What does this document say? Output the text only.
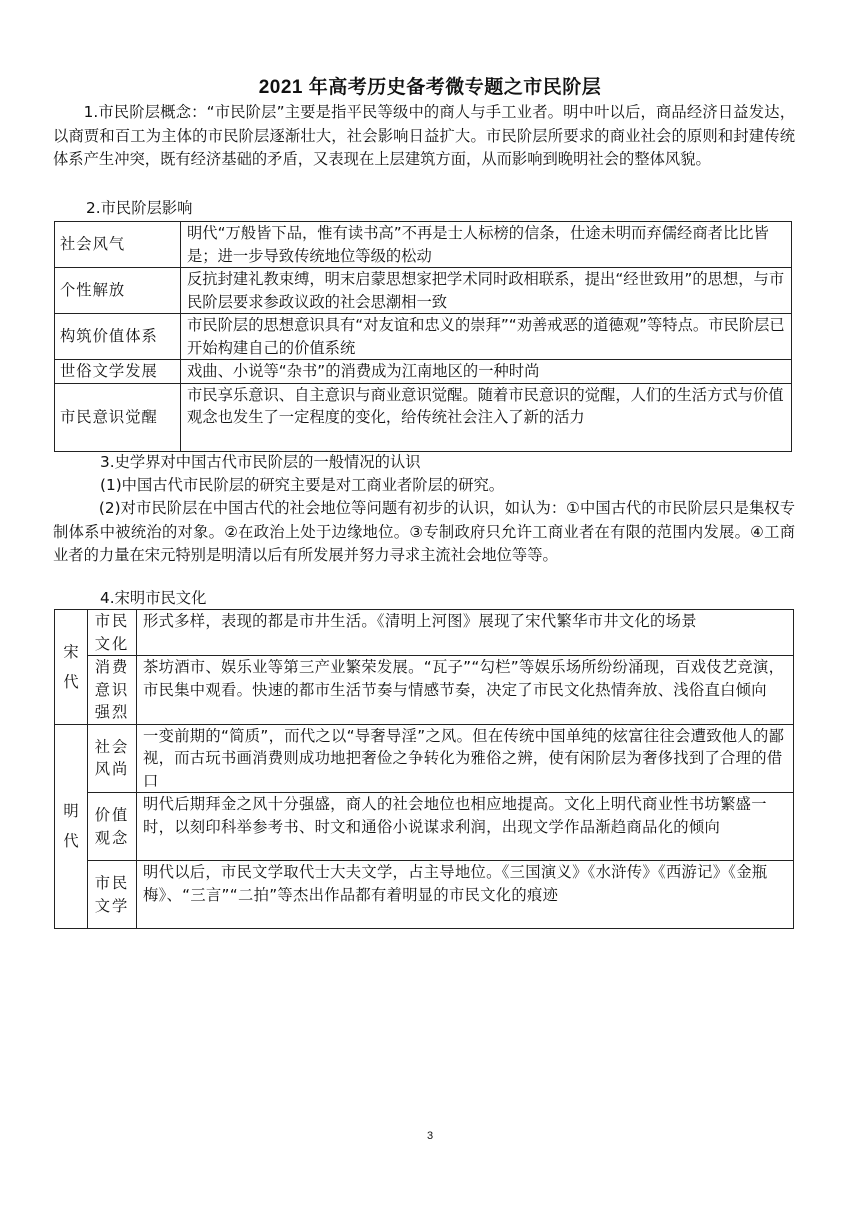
2021 年高考历史备考微专题之市民阶层

1.市民阶层概念：“市民阶层”主要是指平民等级中的商人与手工业者。明中叶以后，商品经济日益发达，以商贾和百工为主体的市民阶层逐渐壮大，社会影响日益扩大。市民阶层所要求的商业社会的原则和封建传统体系产生冲突，既有经济基础的矛盾，又表现在上层建筑方面，从而影响到晚明社会的整体风貌。

2.市民阶层影响
社会风气	明代“万般皆下品，惟有读书高”不再是士人标榜的信条，仕途未明而弃儒经商者比比皆是；进一步导致传统地位等级的松动
个性解放	反抗封建礼教束缚，明末启蒙思想家把学术同时政相联系，提出“经世致用”的思想，与市民阶层要求参政议政的社会思潮相一致
构筑价值体系	市民阶层的思想意识具有“对友谊和忠义的崇拜”“劝善戒恶的道德观”等特点。市民阶层已开始构建自己的价值系统
世俗文学发展	戏曲、小说等“杂书”的消费成为江南地区的一种时尚
市民意识觉醒	市民享乐意识、自主意识与商业意识觉醒。随着市民意识的觉醒，人们的生活方式与价值观念也发生了一定程度的变化，给传统社会注入了新的活力
3.史学界对中国古代市民阶层的一般情况的认识
(1)中国古代市民阶层的研究主要是对工商业者阶层的研究。

(2)对市民阶层在中国古代的社会地位等问题有初步的认识，如认为：①中国古代的市民阶层只是集权专制体系中被统治的对象。②在政治上处于边缘地位。③专制政府只允许工商业者在有限的范围内发展。④工商业者的力量在宋元特别是明清以后有所发展并努力寻求主流社会地位等等。

4.宋明市民文化
宋代	市民文化	形式多样，表现的都是市井生活。《清明上河图》展现了宋代繁华市井文化的场景
	消费意识强烈	茶坊酒市、娱乐业等第三产业繁荣发展。“瓦子”“勾栏”等娱乐场所纷纷涌现，百戏伎艺竞演，市民集中观看。快速的都市生活节奏与情感节奏，决定了市民文化热情奔放、浅俗直白倾向
明代	社会风尚	一变前期的“简质”，而代之以“导奢导淫”之风。但在传统中国单纯的炫富往往会遭致他人的鄙视，而古玩书画消费则成功地把奢俭之争转化为雅俗之辨，使有闲阶层为奢侈找到了合理的借口
	价值观念	明代后期拜金之风十分强盛，商人的社会地位也相应地提高。文化上明代商业性书坊繁盛一时，以刻印科举参考书、时文和通俗小说谋求利润，出现文学作品渐趋商品化的倾向
	市民文学	明代以后，市民文学取代士大夫文学，占主导地位。《三国演义》《水浒传》《西游记》《金瓶梅》、“三言”“二拍”等杰出作品都有着明显的市民文化的痕迹
3
